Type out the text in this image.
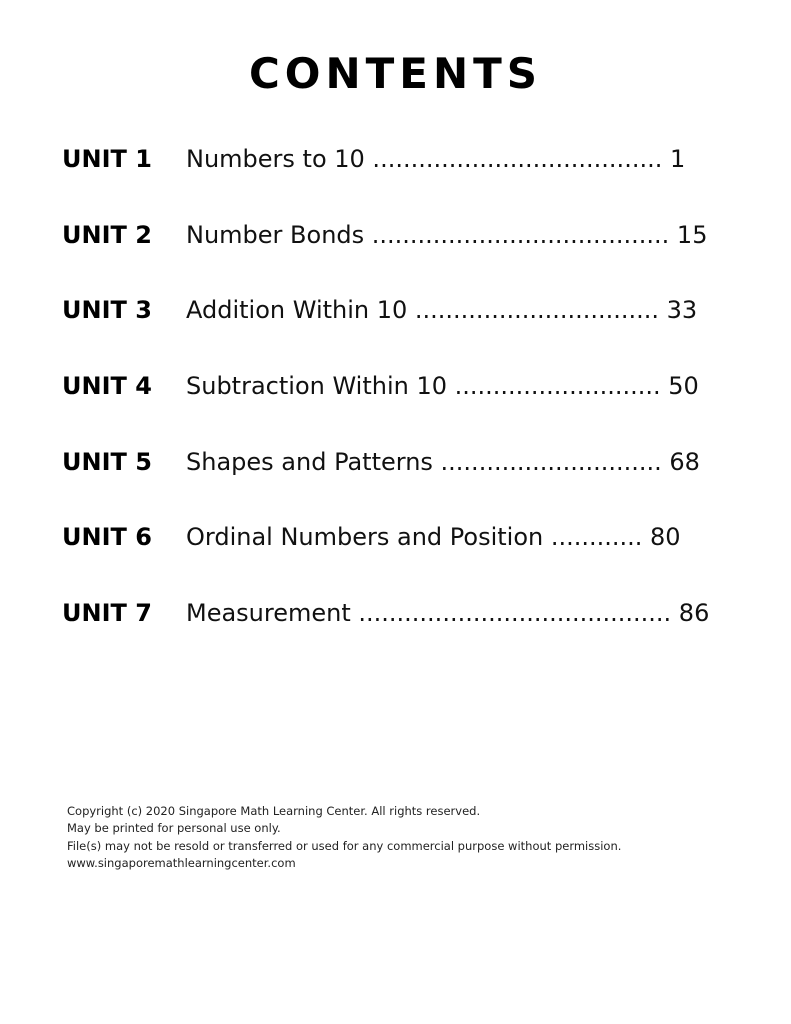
CONTENTS
UNIT 1 Numbers to 10 ...................................... 1
UNIT 2 Number Bonds ....................................... 15
UNIT 3 Addition Within 10 ................................ 33
UNIT 4 Subtraction Within 10 ........................... 50
UNIT 5 Shapes and Patterns ............................. 68
UNIT 6 Ordinal Numbers and Position ............ 80
UNIT 7 Measurement ......................................... 86
Copyright (c) 2020 Singapore Math Learning Center. All rights reserved.
May be printed for personal use only.
File(s) may not be resold or transferred or used for any commercial purpose without permission.
www.singaporemathlearningcenter.com
